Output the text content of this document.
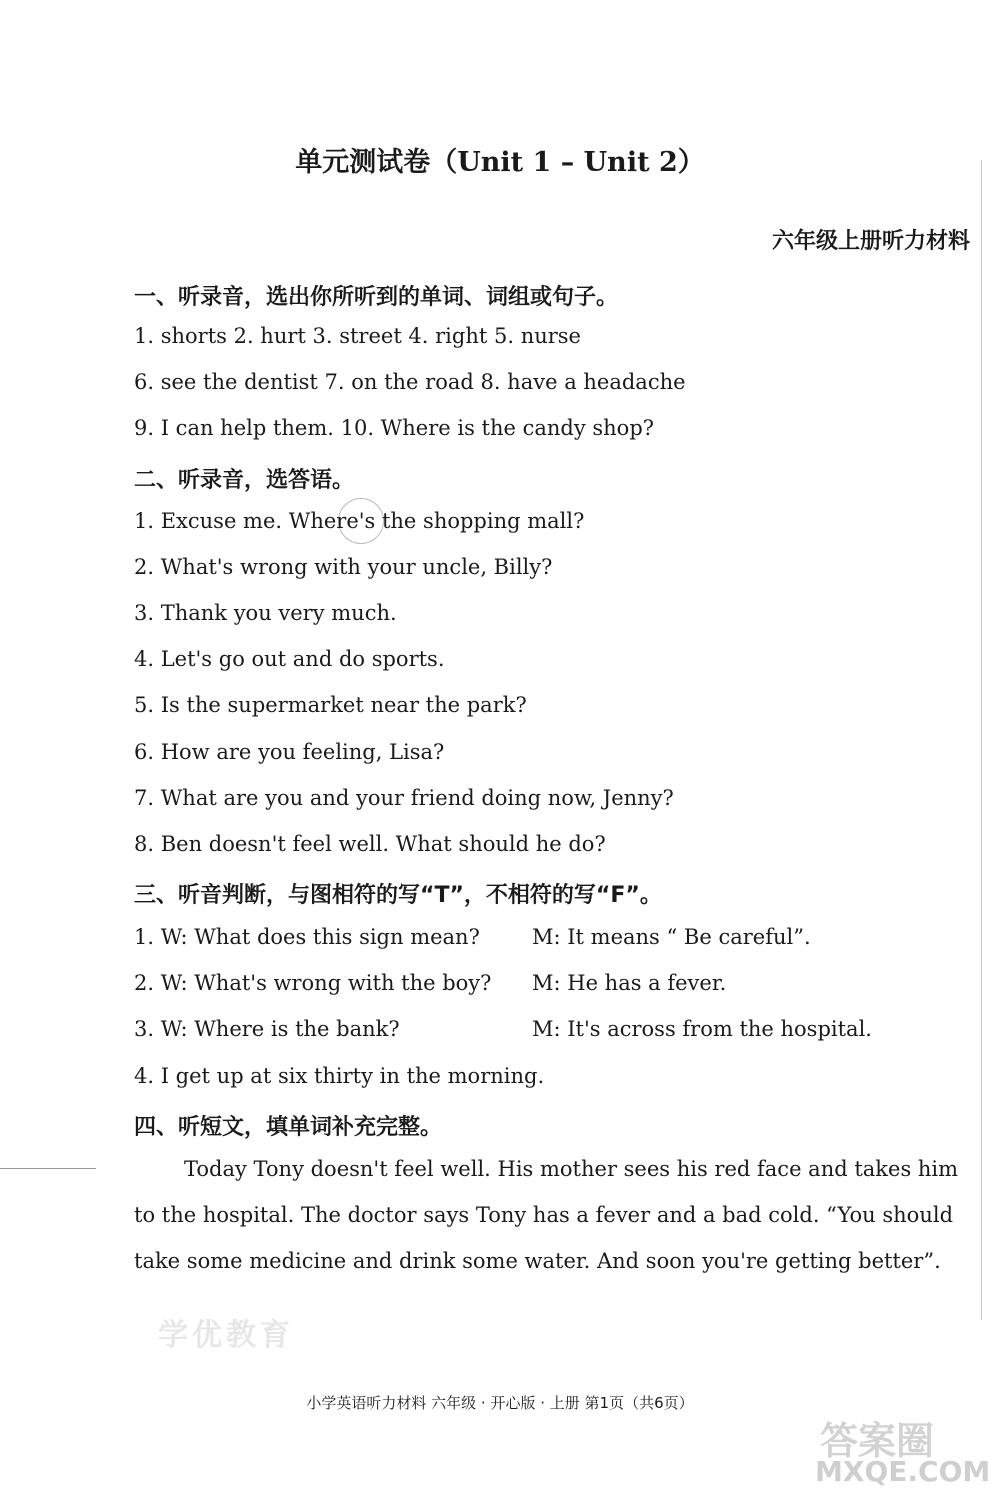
单元测试卷（Unit 1 – Unit 2）
六年级上册听力材料
一、听录音，选出你所听到的单词、词组或句子。
1. shorts 2. hurt 3. street 4. right 5. nurse
6. see the dentist 7. on the road 8. have a headache
9. I can help them. 10. Where is the candy shop?
二、听录音，选答语。
1. Excuse me. Where's the shopping mall?
2. What's wrong with your uncle, Billy?
3. Thank you very much.
4. Let's go out and do sports.
5. Is the supermarket near the park?
6. How are you feeling, Lisa?
7. What are you and your friend doing now, Jenny?
8. Ben doesn't feel well. What should he do?
三、听音判断，与图相符的写“T”，不相符的写“F”。
1. W: What does this sign mean? M: It means “ Be careful”.
2. W: What's wrong with the boy? M: He has a fever.
3. W: Where is the bank?	M: It's across from the hospital.
4. I get up at six thirty in the morning.
四、听短文，填单词补充完整。
Today Tony doesn't feel well. His mother sees his red face and takes him to the hospital. The doctor says Tony has a fever and a bad cold. “You should take some medicine and drink some water. And soon you're getting better”.
学优教育
小学英语听力材料 六年级 · 开心版 · 上册 第1页（共6页）
答案圈
MXQE.COM
